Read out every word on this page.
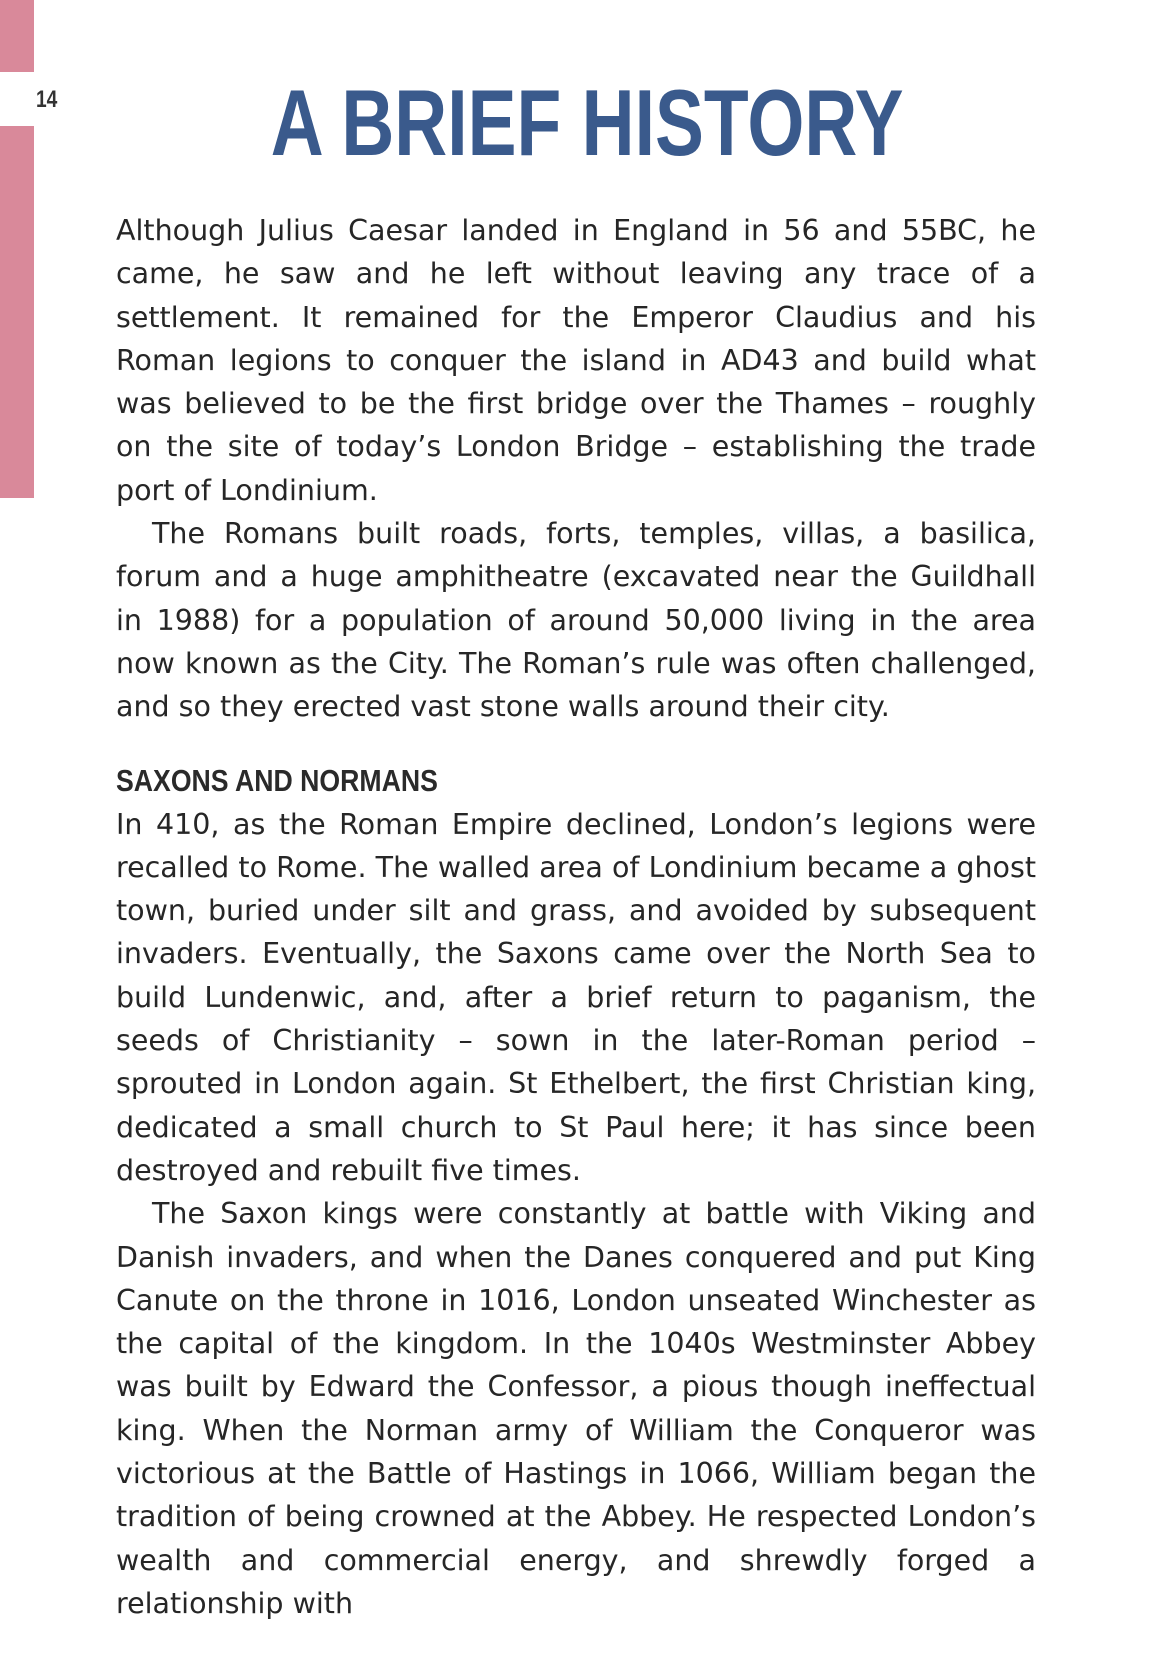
14	A BRIEF HISTORY

Although Julius Caesar landed in England in 56 and 55BC, he came, he saw and he left without leaving any trace of a settlement. It remained for the Emperor Claudius and his Roman legions to conquer the island in AD43 and build what was believed to be the first bridge over the Thames – roughly on the site of today’s London Bridge – establishing the trade port of Londinium.

The Romans built roads, forts, temples, villas, a basilica, forum and a huge amphitheatre (excavated near the Guildhall in 1988) for a population of around 50,000 living in the area now known as the City. The Roman’s rule was often challenged, and so they erected vast stone walls around their city.

SAXONS AND NORMANS

In 410, as the Roman Empire declined, London’s legions were recalled to Rome. The walled area of Londinium became a ghost town, buried under silt and grass, and avoided by subsequent invaders. Eventually, the Saxons came over the North Sea to build Lundenwic, and, after a brief return to paganism, the seeds of Christianity – sown in the later-Roman period – sprouted in London again. St Ethelbert, the first Christian king, dedicated a small church to St Paul here; it has since been destroyed and rebuilt five times.

The Saxon kings were constantly at battle with Viking and Danish invaders, and when the Danes conquered and put King Canute on the throne in 1016, London unseated Winchester as the capital of the kingdom. In the 1040s Westminster Abbey was built by Edward the Confessor, a pious though ineffectual king. When the Norman army of William the Conqueror was victorious at the Battle of Hastings in 1066, William began the tradition of being crowned at the Abbey. He respected London’s wealth and commercial energy, and shrewdly forged a relationship with
